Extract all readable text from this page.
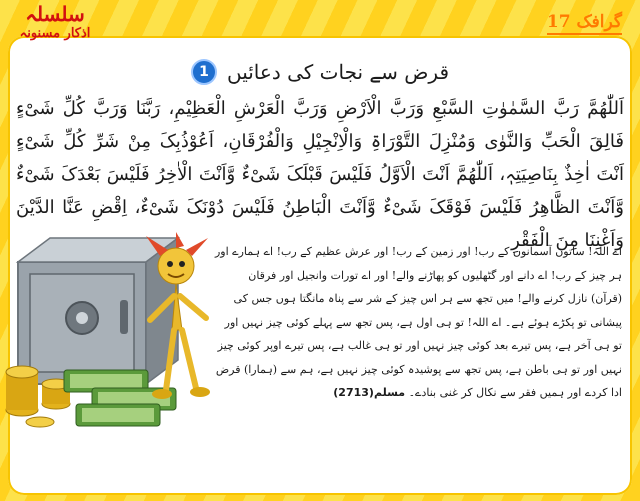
سلسلہ
اذکار مسنونہ
گرافک 17
قرض سے نجات کی دعائیں
1
اَللّٰھُمَّ رَبَّ السَّمٰوٰتِ السَّبْعِ وَرَبَّ الْاَرْضِ وَرَبَّ الْعَرْشِ الْعَظِیْمِ، رَبَّنَا وَرَبَّ کُلِّ شَیْءٍ فَالِقَ الْحَبِّ وَالنَّوٰی وَمُنْزِلَ التَّوْرَاۃِ وَالْاِنْجِیْلِ وَالْفُرْقَانِ، اَعُوْذُبِکَ مِنْ شَرِّ کُلِّ شَیْءٍ اَنْتَ اٰخِذٌ بِنَاصِیَتِہٖ، اَللّٰھُمَّ اَنْتَ الْاَوَّلُ فَلَیْسَ قَبْلَکَ شَیْءٌ وَّاَنْتَ الْاٰخِرُ فَلَیْسَ بَعْدَکَ شَیْءٌ وَّاَنْتَ الظَّاھِرُ فَلَیْسَ فَوْقَکَ شَیْءٌ وَّاَنْتَ الْبَاطِنُ فَلَیْسَ دُوْنَکَ شَیْءٌ، اِقْضِ عَنَّا الدَّیْنَ وَاَغْنِنَا مِنَ الْفَقْرِ
اے اللہ! ساتوں آسمانوں کے رب! اور زمین کے رب! اور عرش عظیم کے رب! اے ہمارے اور ہر چیز کے رب! اے دانے اور گٹھلیوں کو پھاڑنے والے! اور اے تورات وانجیل اور فرقان (قرآن) نازل کرنے والے! میں تجھ سے ہر اس چیز کے شر سے پناہ مانگتا ہوں جس کی پیشانی تو پکڑے ہوئے ہے۔ اے اللہ! تو ہی اول ہے، پس تجھ سے پہلے کوئی چیز نہیں اور تو ہی آخر ہے، پس تیرے بعد کوئی چیز نہیں اور تو ہی غالب ہے، پس تیرے اوپر کوئی چیز نہیں اور تو ہی باطن ہے، پس تجھ سے پوشیدہ کوئی چیز نہیں ہے، ہم سے (ہمارا) قرض ادا کردے اور ہمیں فقر سے نکال کر غنی بنادے۔ مسلم(2713)
